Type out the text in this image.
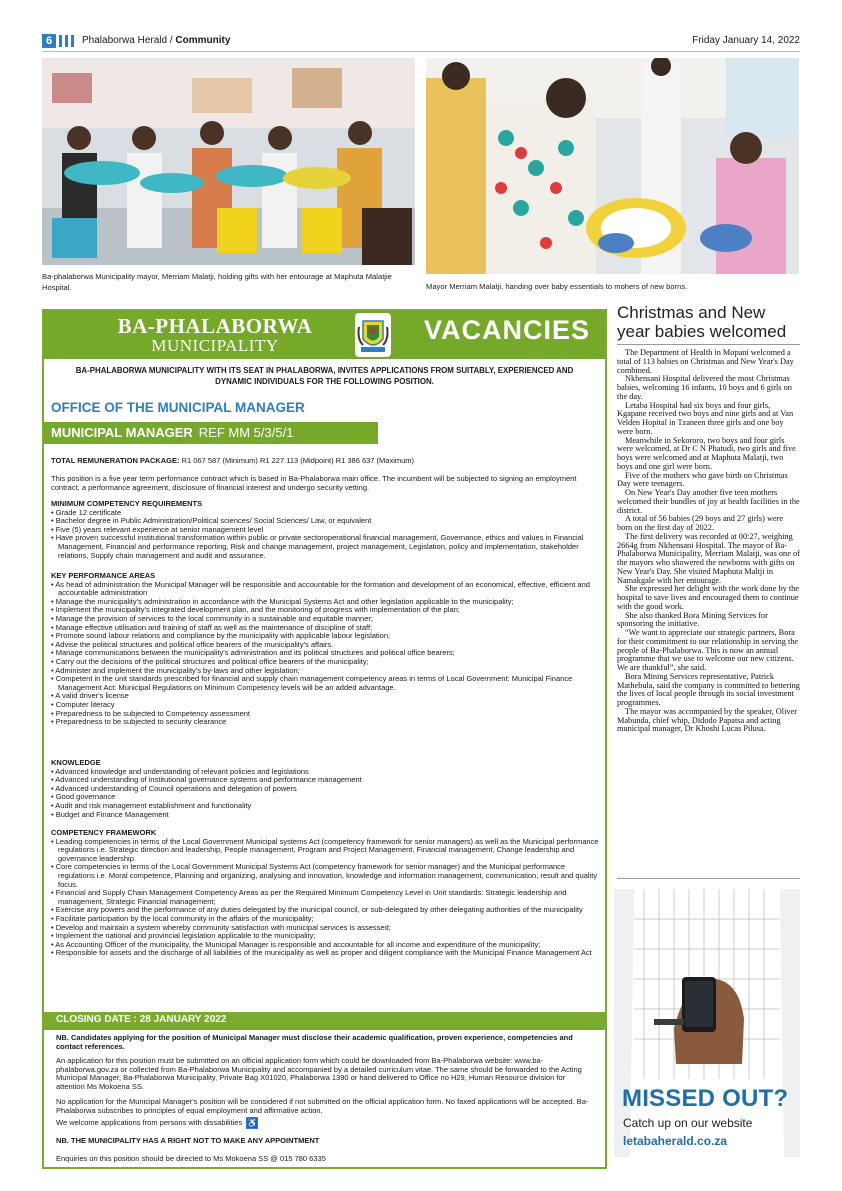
6	Phalaborwa Herald / Community	Friday January 14, 2022
Ba-phalaborwa Municipality mayor, Merriam Malatji, holding gifts with her entourage at Maphuta Malatjie Hospital.	Mayor Merriam Malatji, handing over baby essentials to mohers of new borns.
BA-PHALABORWA
MUNICIPALITY
VACANCIES
BA-PHALABORWA MUNICIPALITY WITH ITS SEAT IN PHALABORWA, INVITES APPLICATIONS FROM SUITABLY, EXPERIENCED AND DYNAMIC INDIVIDUALS FOR THE FOLLOWING POSITION.
OFFICE OF THE MUNICIPAL MANAGER
MUNICIPAL MANAGER REF MM 5/3/5/1

TOTAL REMUNERATION PACKAGE: R1 067 587 (Minimum) R1 227 113 (Midpoint) R1 386 637 (Maximum)

This position is a five year term performance contract which is based in Ba-Phalaborwa main office. The incumbent will be subjected to signing an employment contract, a performance agreement, disclosure of financial interest and undergo security vetting.

MINIMUM COMPETENCY REQUIREMENTS

• Grade 12 certificate
• Bachelor degree in Public Administration/Political sciences/ Social Sciences/ Law, or equivalent
• Five (5) years relevant experience at senior management level
• Have proven successful institutional transformation within public or private sectoroperational financial management, Governance, ethics and values in Financial Management, Financial and performance reporting, Risk and change management, project management, Legislation, policy and implementation, stakeholder relations, Supply chain management and audit and assurance.

KEY PERFORMANCE AREAS

• As head of administration the Municipal Manager will be responsible and accountable for the formation and development of an economical, effective, efficient and accountable administration
• Manage the municipality's administration in accordance with the Municipal Systems Act and other legislation applicable to the municipality;
• Implement the municipality's integrated development plan, and the monitoring of progress with implementation of the plan;
• Manage the provision of services to the local community in a sustainable and equitable manner;
• Manage effective utilisation and training of staff as well as the maintenance of discipline of staff;
• Promote sound labour relations and compliance by the municipality with applicable labour legislation;
• Advise the political structures and political office bearers of the municipality's affairs.
• Manage communications between the municipality's administration and its political structures and political office bearers;
• Carry out the decisions of the political structures and political office bearers of the municipality;
• Administer and implement the municipality's by-laws and other legislation;
• Competent in the unit standards prescribed for financial and supply chain management competency areas in terms of Local Government: Municipal Finance Management Act: Municipal Regulations on Minimum Competency levels will be an added advantage.
• A valid driver's license
• Computer literacy
• Preparedness to be subjected to Competency assessment
• Preparedness to be subjected to security clearance

KNOWLEDGE

• Advanced knowledge and understanding of relevant policies and legislations
• Advanced understanding of institutional governance systems and performance management
• Advanced understanding of Council operations and delegation of powers
• Good governance
• Audit and risk management establishment and functionality
• Budget and Finance Management

COMPETENCY FRAMEWORK

• Leading competencies in terms of the Local Government Municipal systems Act (competency framework for senior managers) as well as the Municipal performance regulations i.e. Strategic direction and leadership, People management, Program and Project Management, Financial management, Change leadership and governance leadership.
• Core competencies in terms of the Local Government Municipal Systems Act (competency framework for senior manager) and the Municipal performance regulations i.e. Moral competence, Planning and organizing, analysing and innovation, knowledge and information management, communication, result and quality focus.
• Financial and Supply Chain Management Competency Areas as per the Required Minimum Competency Level in Unit standards: Strategic leadership and management, Strategic Financial management;
• Exercise any powers and the performance of any duties delegated by the municipal council, or sub-delegated by other delegating authorities of the municipality
• Facilitate participation by the local community in the affairs of the municipality;
• Develop and maintain a system whereby community satisfaction with municipal services is assessed;
• Implement the national and provincial legislation applicable to the municipality;
• As Accounting Officer of the municipality, the Municipal Manager is responsible and accountable for all income and expenditure of the municipality;
• Responsible for assets and the discharge of all liabilities of the municipality as well as proper and diligent compliance with the Municipal Finance Management Act
CLOSING DATE : 28 JANUARY 2022
NB. Candidates applying for the position of Municipal Manager must disclose their academic qualification, proven experience, competencies and contact references.
An application for this position must be submitted on an official application form which could be downloaded from Ba-Phalaborwa website: www.ba-phalaborwa.gov.za or collected from Ba-Phalaborwa Municipality and accompanied by a detailed curriculum vitae. The same should be forwarded to the Acting Municipal Manager, Ba-Phalaborwa Municipality, Private Bag X01020, Phalaborwa 1390 or hand delivered to Office no H29, Human Resource division for attention Ms Mokoena SS.
No application for the Municipal Manager's position will be considered if not submitted on the official application form. No faxed applications will be accepted. Ba-Phalaborwa subscribes to principles of equal employment and affirmative action.
We welcome applications from persons with dissabilities ♿
NB. THE MUNICIPALITY HAS A RIGHT NOT TO MAKE ANY APPOINTMENT
Enquiries on this position should be directed to Ms Mokoena SS @ 015 780 6335
Christmas and New year babies welcomed

The Department of Health in Mopani welcomed a total of 113 babies on Christmas and New Year's Day combined.

Nkhensani Hospital delivered the most Christmas babies, welcoming 16 infants, 10 boys and 6 girls on the day.

Letaba Hospital had six boys and four girls, Kgapane received two boys and nine girls and at Van Velden Hopital in Tzaneen three girls and one boy were born.

Meanwhile in Sekororo, two boys and four girls were welcomed, at Dr C N Phatudi, two girls and five boys were welcomed and at Maphuta Malatji, two boys and one girl were born.

Five of the mothers who gave birth on Christmas Day were teenagers.

On New Year's Day another five teen mothers welcomed their bundles of joy at health facilities in the district.

A total of 56 babies (29 boys and 27 girls) were born on the first day of 2022.

The first delivery was recorded at 00:27, weighing 2664g from Nkhensani Hospital. The mayor of Ba-Phalaborwa Municipality, Merriam Malatji, was one of the mayors who showered the newborns with gifts on New Year's Day. She visited Maphuta Maltji in Namakgale with her entourage.

She expressed her delight with the work done by the hospital to save lives and encouraged them to continue with the good work.

She also thanked Bora Mining Services for sponsoring the initiative.

“We want to appreciate our strategic partners, Bora for their commitment to our relationship in serving the people of Ba-Phalaborwa. This is now an annual programme that we use to welcome our new citizens. We are thankful”, she said.

Bora Mining Services representative, Patrick Mathebula, said the company is committed to bettering the lives of local people through its social investment programmes.

The mayor was accompanied by the speaker, Oliver Mabunda, chief whip, Didodo Papatsa and acting municipal manager, Dr Khoshi Lucas Pilusa.

MISSED OUT?
Catch up on our website
letabaherald.co.za
